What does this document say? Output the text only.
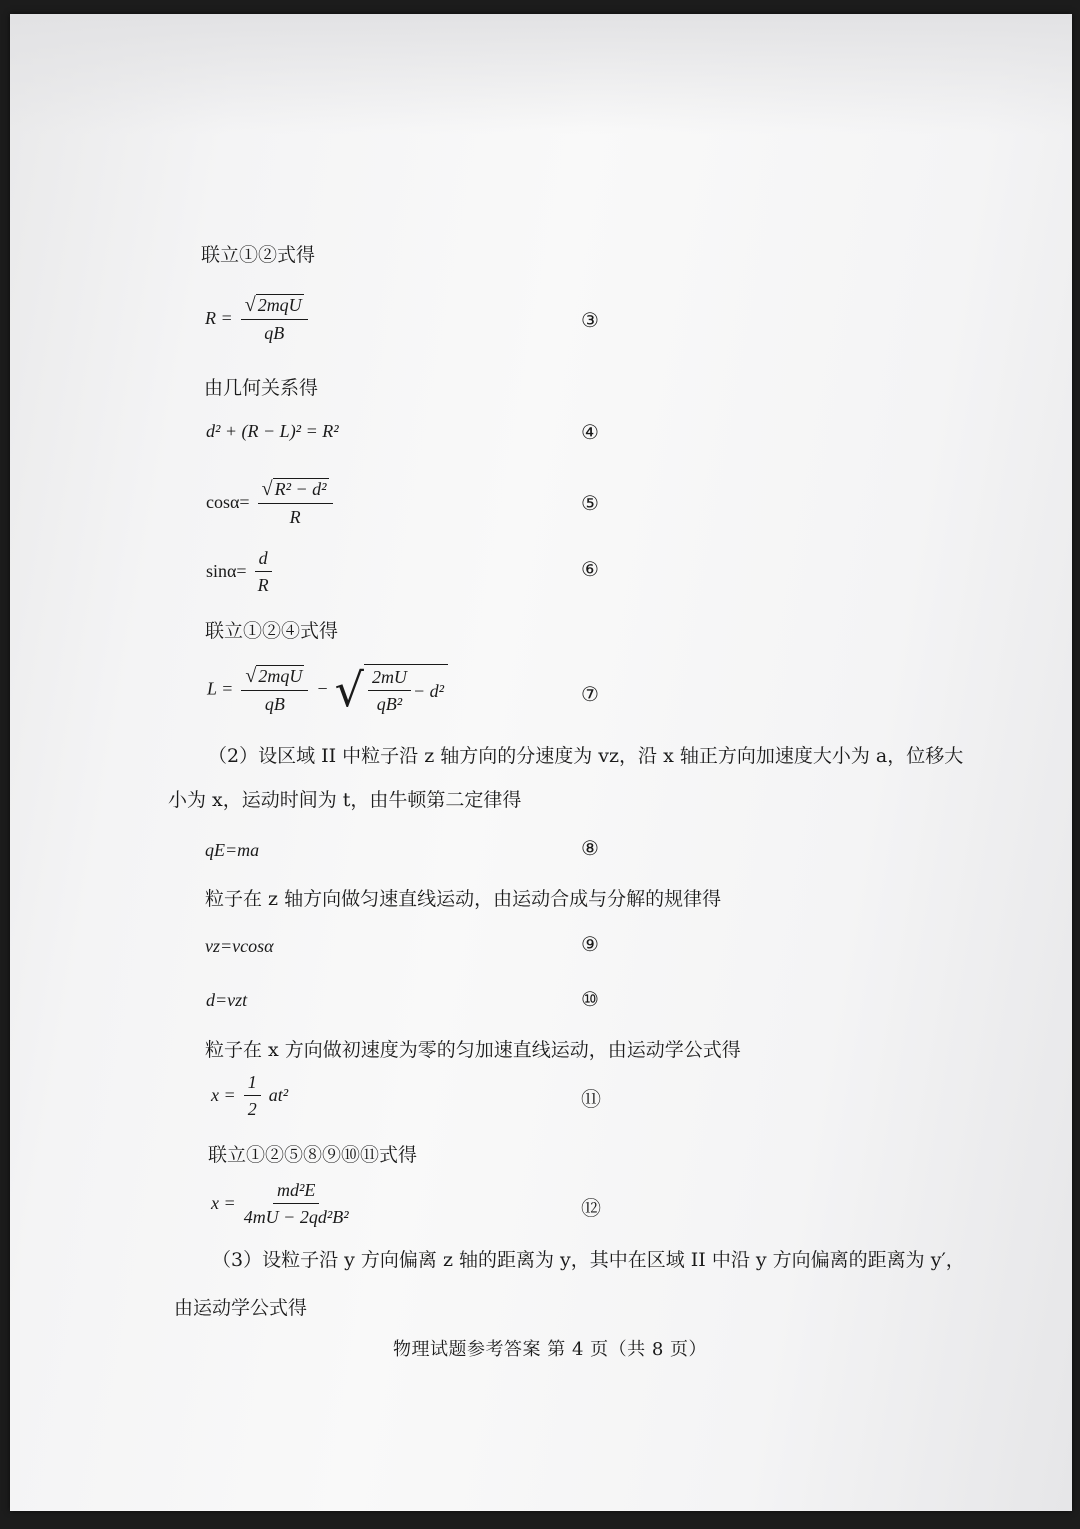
联立①②式得
$R = \frac{\text{√ 2mqU}}{qB}$	③
由几何关系得
d² + (R − L)² = R²	④
$\cos\alpha= \frac{\text{√ R² − d²}}{R}$	⑤
$\sin\alpha= \frac{d}{R}$	⑥
联立①②④式得
$L = \frac{\text{√ 2mqU}}{qB}$ − √ $\frac{2mU}{\text{qB²}} - d^2$	⑦
（2）设区域 II 中粒子沿 z 轴方向的分速度为 vz，沿 x 轴正方向加速度大小为 a，位移大
小为 x，运动时间为 t，由牛顿第二定律得
qE=ma	⑧
粒子在 z 轴方向做匀速直线运动，由运动合成与分解的规律得
vz=vcosα	⑨
d=vzt	⑩
粒子在 x 方向做初速度为零的匀加速直线运动，由运动学公式得
$x = \frac{1}{2} at^2$	⑪
联立①②⑤⑧⑨⑩⑪式得
$x = \frac{\text{md²E}}{\text{4mU − 2qd²B²}}$	⑫
（3）设粒子沿 y 方向偏离 z 轴的距离为 y，其中在区域 II 中沿 y 方向偏离的距离为 y′，
由运动学公式得
物理试题参考答案 第 4 页（共 8 页）
